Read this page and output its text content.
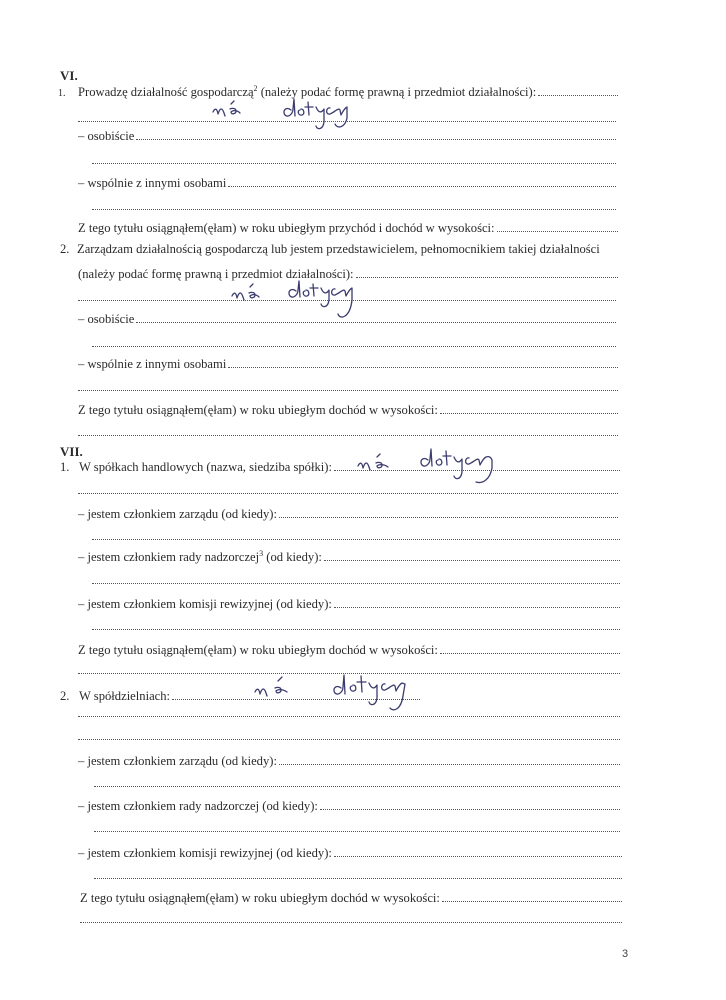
VI.
1. Prowadzę działalność gospodarczą$^2$ (należy podać formę prawną i przedmiot działalności):
– osobiście
– wspólnie z innymi osobami
Z tego tytułu osiągnąłem(ęłam) w roku ubiegłym przychód i dochód w wysokości:
2. Zarządzam działalnością gospodarczą lub jestem przedstawicielem, pełnomocnikiem takiej działalności
(należy podać formę prawną i przedmiot działalności):
– osobiście
– wspólnie z innymi osobami
Z tego tytułu osiągnąłem(ęłam) w roku ubiegłym dochód w wysokości:
VII.
1. W spółkach handlowych (nazwa, siedziba spółki):
– jestem członkiem zarządu (od kiedy):
– jestem członkiem rady nadzorczej$^3$ (od kiedy):
– jestem członkiem komisji rewizyjnej (od kiedy):
Z tego tytułu osiągnąłem(ęłam) w roku ubiegłym dochód w wysokości:
2. W spółdzielniach:
– jestem członkiem zarządu (od kiedy):
– jestem członkiem rady nadzorczej (od kiedy):
– jestem członkiem komisji rewizyjnej (od kiedy):
Z tego tytułu osiągnąłem(ęłam) w roku ubiegłym dochód w wysokości:
3
